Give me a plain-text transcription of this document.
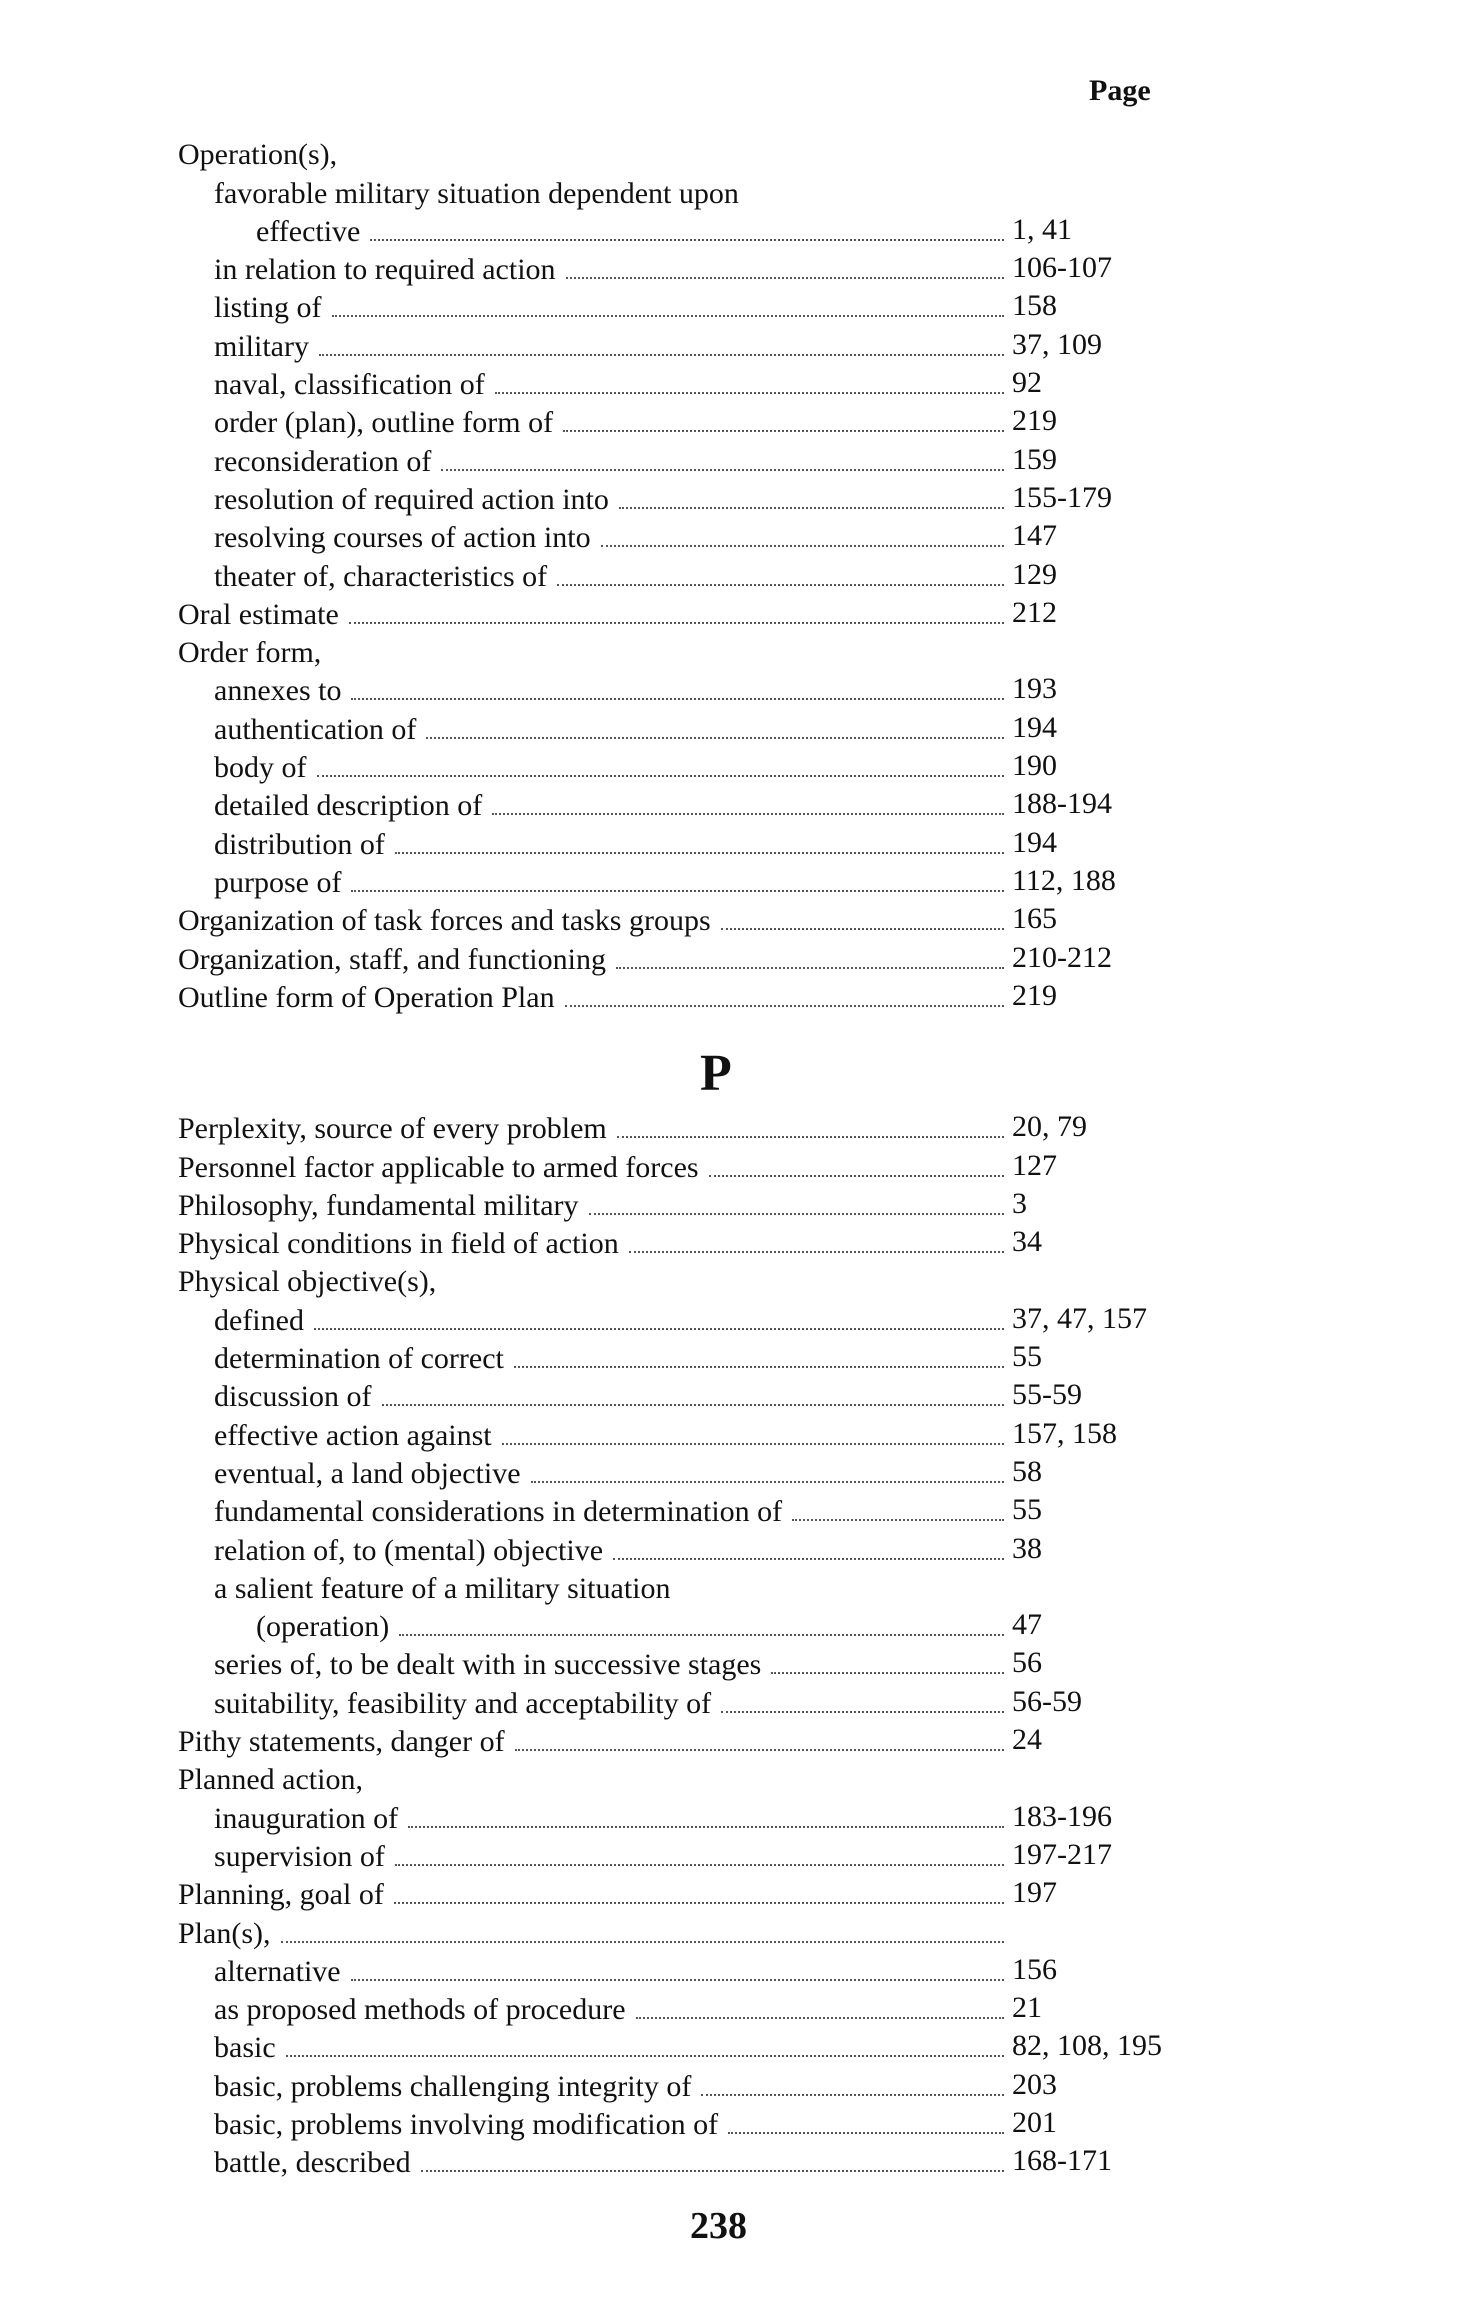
Page
Operation(s),
favorable military situation dependent upon
effective	1, 41
in relation to required action	106-107
listing of	158
military	37, 109
naval, classification of	92
order (plan), outline form of	219
reconsideration of	159
resolution of required action into	155-179
resolving courses of action into	147
theater of, characteristics of	129
Oral estimate	212
Order form,
annexes to	193
authentication of	194
body of	190
detailed description of	188-194
distribution of	194
purpose of	112, 188
Organization of task forces and tasks groups	165
Organization, staff, and functioning	210-212
Outline form of Operation Plan	219
P
Perplexity, source of every problem	20, 79
Personnel factor applicable to armed forces	127
Philosophy, fundamental military	3
Physical conditions in field of action	34
Physical objective(s),
defined	37, 47, 157
determination of correct	55
discussion of	55-59
effective action against	157, 158
eventual, a land objective	58
fundamental considerations in determination of	55
relation of, to (mental) objective	38
a salient feature of a military situation
(operation)	47
series of, to be dealt with in successive stages	56
suitability, feasibility and acceptability of	56-59
Pithy statements, danger of	24
Planned action,
inauguration of	183-196
supervision of	197-217
Planning, goal of	197
Plan(s),
alternative	156
as proposed methods of procedure	21
basic	82, 108, 195
basic, problems challenging integrity of	203
basic, problems involving modification of	201
battle, described	168-171
238
